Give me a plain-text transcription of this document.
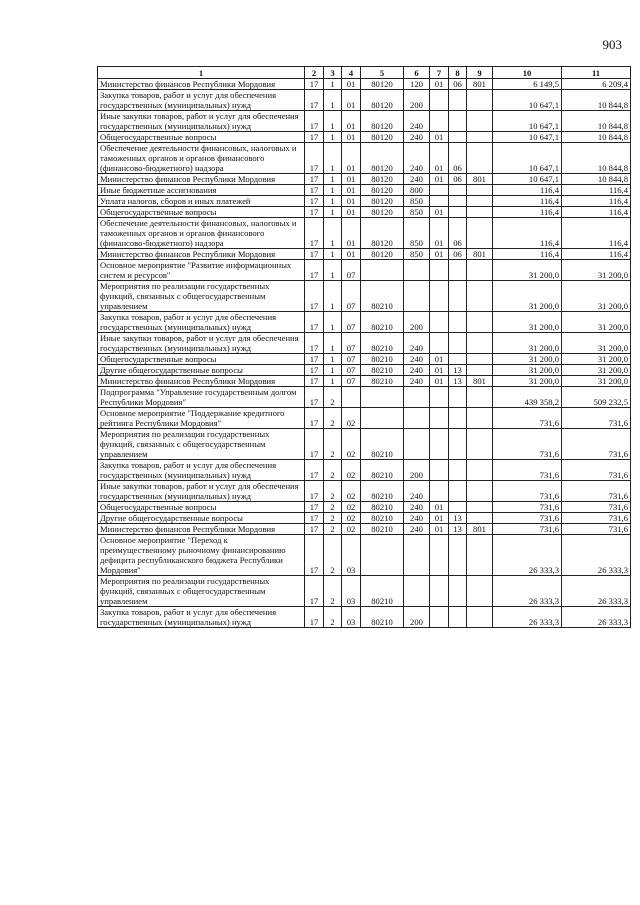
903
1	2	3	4	5	6	7	8	9	10	11
Министерство финансов Республики Мордовия	17	1	01	80120	120	01	06	801	6 149,5	6 209,4
Закупка товаров, работ и услуг для обеспечения государственных (муниципальных) нужд	17	1	01	80120	200				10 647,1	10 844,8
Иные закупки товаров, работ и услуг для обеспечения государственных (муниципальных) нужд	17	1	01	80120	240				10 647,1	10 844,8
Общегосударственные вопросы	17	1	01	80120	240	01			10 647,1	10 844,8
Обеспечение деятельности финансовых, налоговых и таможенных органов и органов финансового (финансово-бюджетного) надзора	17	1	01	80120	240	01	06		10 647,1	10 844,8
Министерство финансов Республики Мордовия	17	1	01	80120	240	01	06	801	10 647,1	10 844,8
Иные бюджетные ассигнования	17	1	01	80120	800				116,4	116,4
Уплата налогов, сборов и иных платежей	17	1	01	80120	850				116,4	116,4
Общегосударственные вопросы	17	1	01	80120	850	01			116,4	116,4
Обеспечение деятельности финансовых, налоговых и таможенных органов и органов финансового (финансово-бюджетного) надзора	17	1	01	80120	850	01	06		116,4	116,4
Министерство финансов Республики Мордовия	17	1	01	80120	850	01	06	801	116,4	116,4
Основное мероприятие "Развитие информационных систем и ресурсов"	17	1	07						31 200,0	31 200,0
Мероприятия по реализации государственных функций, связанных с общегосударственным управлением	17	1	07	80210					31 200,0	31 200,0
Закупка товаров, работ и услуг для обеспечения государственных (муниципальных) нужд	17	1	07	80210	200				31 200,0	31 200,0
Иные закупки товаров, работ и услуг для обеспечения государственных (муниципальных) нужд	17	1	07	80210	240				31 200,0	31 200,0
Общегосударственные вопросы	17	1	07	80210	240	01			31 200,0	31 200,0
Другие общегосударственные вопросы	17	1	07	80210	240	01	13		31 200,0	31 200,0
Министерство финансов Республики Мордовия	17	1	07	80210	240	01	13	801	31 200,0	31 200,0
Подпрограмма "Управление государственным долгом Республики Мордовия"	17	2							439 358,2	509 232,5
Основное мероприятие "Поддержание кредитного рейтинга Республики Мордовия"	17	2	02						731,6	731,6
Мероприятия по реализации государственных функций, связанных с общегосударственным управлением	17	2	02	80210					731,6	731,6
Закупка товаров, работ и услуг для обеспечения государственных (муниципальных) нужд	17	2	02	80210	200				731,6	731,6
Иные закупки товаров, работ и услуг для обеспечения государственных (муниципальных) нужд	17	2	02	80210	240				731,6	731,6
Общегосударственные вопросы	17	2	02	80210	240	01			731,6	731,6
Другие общегосударственные вопросы	17	2	02	80210	240	01	13		731,6	731,6
Министерство финансов Республики Мордовия	17	2	02	80210	240	01	13	801	731,6	731,6
Основное мероприятие "Переход к преимущественному рыночному финансированию дефицита республиканского бюджета Республики Мордовия"	17	2	03						26 333,3	26 333,3
Мероприятия по реализации государственных функций, связанных с общегосударственным управлением	17	2	03	80210					26 333,3	26 333,3
Закупка товаров, работ и услуг для обеспечения государственных (муниципальных) нужд	17	2	03	80210	200				26 333,3	26 333,3
